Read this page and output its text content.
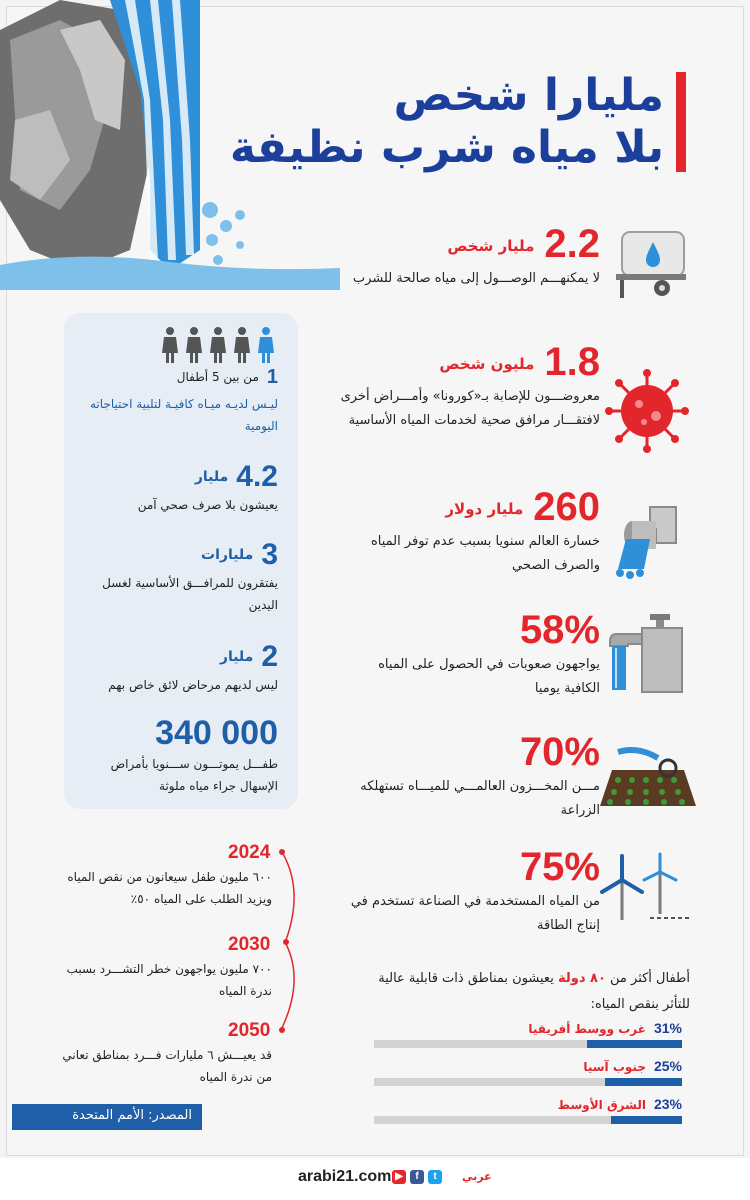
مليارا شخص
بلا مياه شرب نظيفة
2.2مليار شخص
لا يمكنهـــم الوصـــول إلى مياه صالحة للشرب
1.8مليون شخص
معروضـــون للإصابة بـ«كورونا» وأمـــراض أخرى لافتقـــار مرافق صحية لخدمات المياه الأساسية
260مليار دولار
خسارة العالم سنويا بسبب عدم توفر المياه والصرف الصحي
58%
يواجهون صعوبات في الحصول على المياه الكافية يوميا
70%
مـــن المخـــزون العالمـــي للميـــاه تستهلكه الزراعة
75%
من المياه المستخدمة في الصناعة تستخدم في إنتاج الطاقة
1من بين 5 أطفال
ليـس لديـه ميـاه كافيـة لتلبية احتياجاته اليومية
4.2مليار
يعيشون بلا صرف صحي آمن
3مليارات
يفتقرون للمرافـــق الأساسية لغسل اليدين
2مليار
ليس لديهم مرحاض لائق خاص بهم
340 000
طفـــل يموتـــون ســـنويا بأمراض الإسهال جراء مياه ملوثة
2024
٦٠٠ مليون طفل سيعانون من نقص المياه ويزيد الطلب على المياه ٥٠٪
2030
٧٠٠ مليون يواجهون خطر التشـــرد بسبب ندرة المياه
2050
قد يعيـــش ٦ مليارات فـــرد بمناطق تعاني من ندرة المياه
المصدر: الأمم المتحدة
أطفال أكثر من ٨٠ دولة يعيشون بمناطق ذات قابلية عالية للتأثر بنقص المياه:
31%غرب ووسط أفريقيا
25%جنوب آسيا
23%الشرق الأوسط
arabi21.com ▶	f	t	عربي
